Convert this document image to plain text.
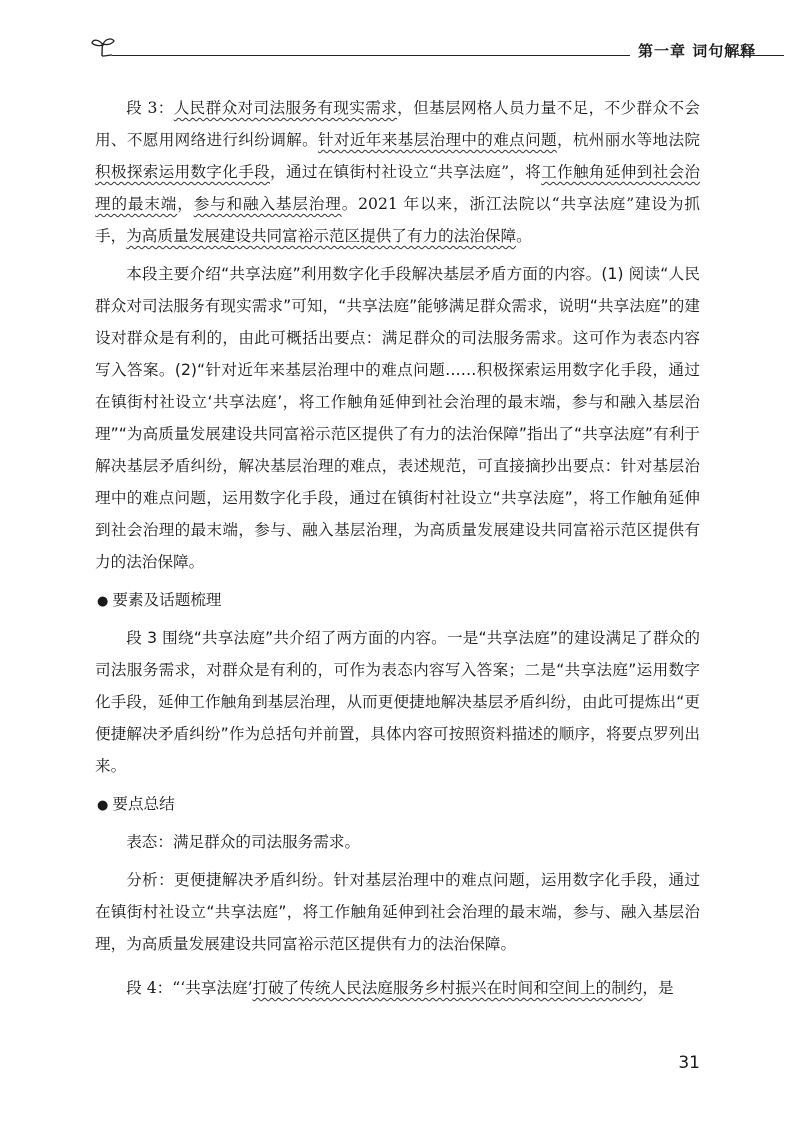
第一章 词句解释

段 3：人民群众对司法服务有现实需求，但基层网格人员力量不足，不少群众不会用、不愿用网络进行纠纷调解。针对近年来基层治理中的难点问题，杭州丽水等地法院积极探索运用数字化手段，通过在镇街村社设立“共享法庭”，将工作触角延伸到社会治理的最末端，参与和融入基层治理。2021 年以来，浙江法院以“共享法庭”建设为抓手，为高质量发展建设共同富裕示范区提供了有力的法治保障。

本段主要介绍“共享法庭”利用数字化手段解决基层矛盾方面的内容。(1) 阅读“人民群众对司法服务有现实需求”可知，“共享法庭”能够满足群众需求，说明“共享法庭”的建设对群众是有利的，由此可概括出要点：满足群众的司法服务需求。这可作为表态内容写入答案。(2)“针对近年来基层治理中的难点问题……积极探索运用数字化手段，通过在镇街村社设立‘共享法庭’，将工作触角延伸到社会治理的最末端，参与和融入基层治理”“为高质量发展建设共同富裕示范区提供了有力的法治保障”指出了“共享法庭”有利于解决基层矛盾纠纷，解决基层治理的难点，表述规范，可直接摘抄出要点：针对基层治理中的难点问题，运用数字化手段，通过在镇街村社设立“共享法庭”，将工作触角延伸到社会治理的最末端，参与、融入基层治理，为高质量发展建设共同富裕示范区提供有力的法治保障。

● 要素及话题梳理

段 3 围绕“共享法庭”共介绍了两方面的内容。一是“共享法庭”的建设满足了群众的司法服务需求，对群众是有利的，可作为表态内容写入答案；二是“共享法庭”运用数字化手段，延伸工作触角到基层治理，从而更便捷地解决基层矛盾纠纷，由此可提炼出“更便捷解决矛盾纠纷”作为总括句并前置，具体内容可按照资料描述的顺序，将要点罗列出来。

● 要点总结

表态：满足群众的司法服务需求。

分析：更便捷解决矛盾纠纷。针对基层治理中的难点问题，运用数字化手段，通过在镇街村社设立“共享法庭”，将工作触角延伸到社会治理的最末端，参与、融入基层治理，为高质量发展建设共同富裕示范区提供有力的法治保障。

段 4：“‘共享法庭’打破了传统人民法庭服务乡村振兴在时间和空间上的制约，是

31
